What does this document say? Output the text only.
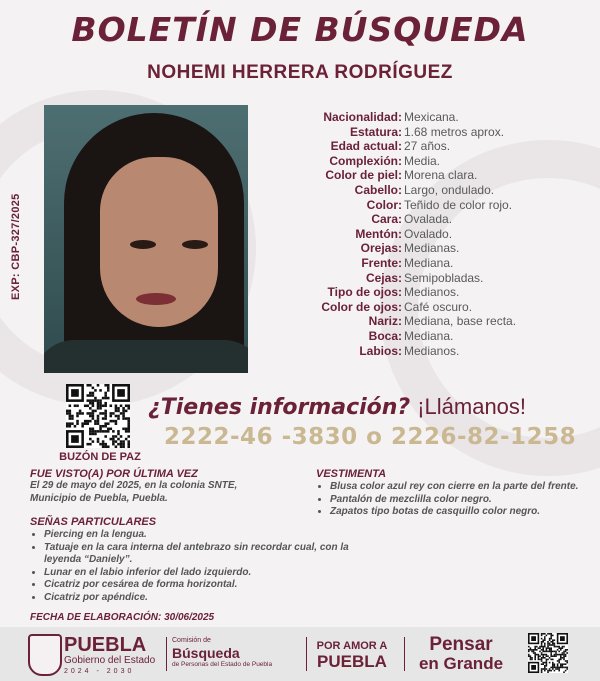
BOLETÍN DE BÚSQUEDA
NOHEMI HERRERA RODRÍGUEZ
EXP: CBP-327/2025
Nacionalidad: Mexicana.
Estatura: 1.68 metros aprox.
Edad actual: 27 años.
Complexión: Media.
Color de piel: Morena clara.
Cabello: Largo, ondulado.
Color: Teñido de color rojo.
Cara: Ovalada.
Mentón: Ovalado.
Orejas: Medianas.
Frente: Mediana.
Cejas: Semipobladas.
Tipo de ojos: Medianos.
Color de ojos: Café oscuro.
Nariz: Mediana, base recta.
Boca: Mediana.
Labios: Medianos.
BUZÓN DE PAZ
¿Tienes información? ¡Llámanos!
2222-46 -3830 o 2226-82-1258

FUE VISTO(A) POR ÚLTIMA VEZ

El 29 de mayo del 2025, en la colonia SNTE,

Municipio de Puebla, Puebla.

SEÑAS PARTICULARES

• Piercing en la lengua.
• Tatuaje en la cara interna del antebrazo sin recordar cual, con la leyenda “Daniely”.
• Lunar en el labio inferior del lado izquierdo.
• Cicatriz por cesárea de forma horizontal.
• Cicatriz por apéndice.

VESTIMENTA

• Blusa color azul rey con cierre en la parte del frente.
• Pantalón de mezclilla color negro.
• Zapatos tipo botas de casquillo color negro.
FECHA DE ELABORACIÓN: 30/06/2025
PUEBLA
Gobierno del Estado
2024 - 2030
Comisión de
Búsqueda
de Personas del Estado de Puebla
POR AMOR A
PUEBLA
Pensar
en Grande
